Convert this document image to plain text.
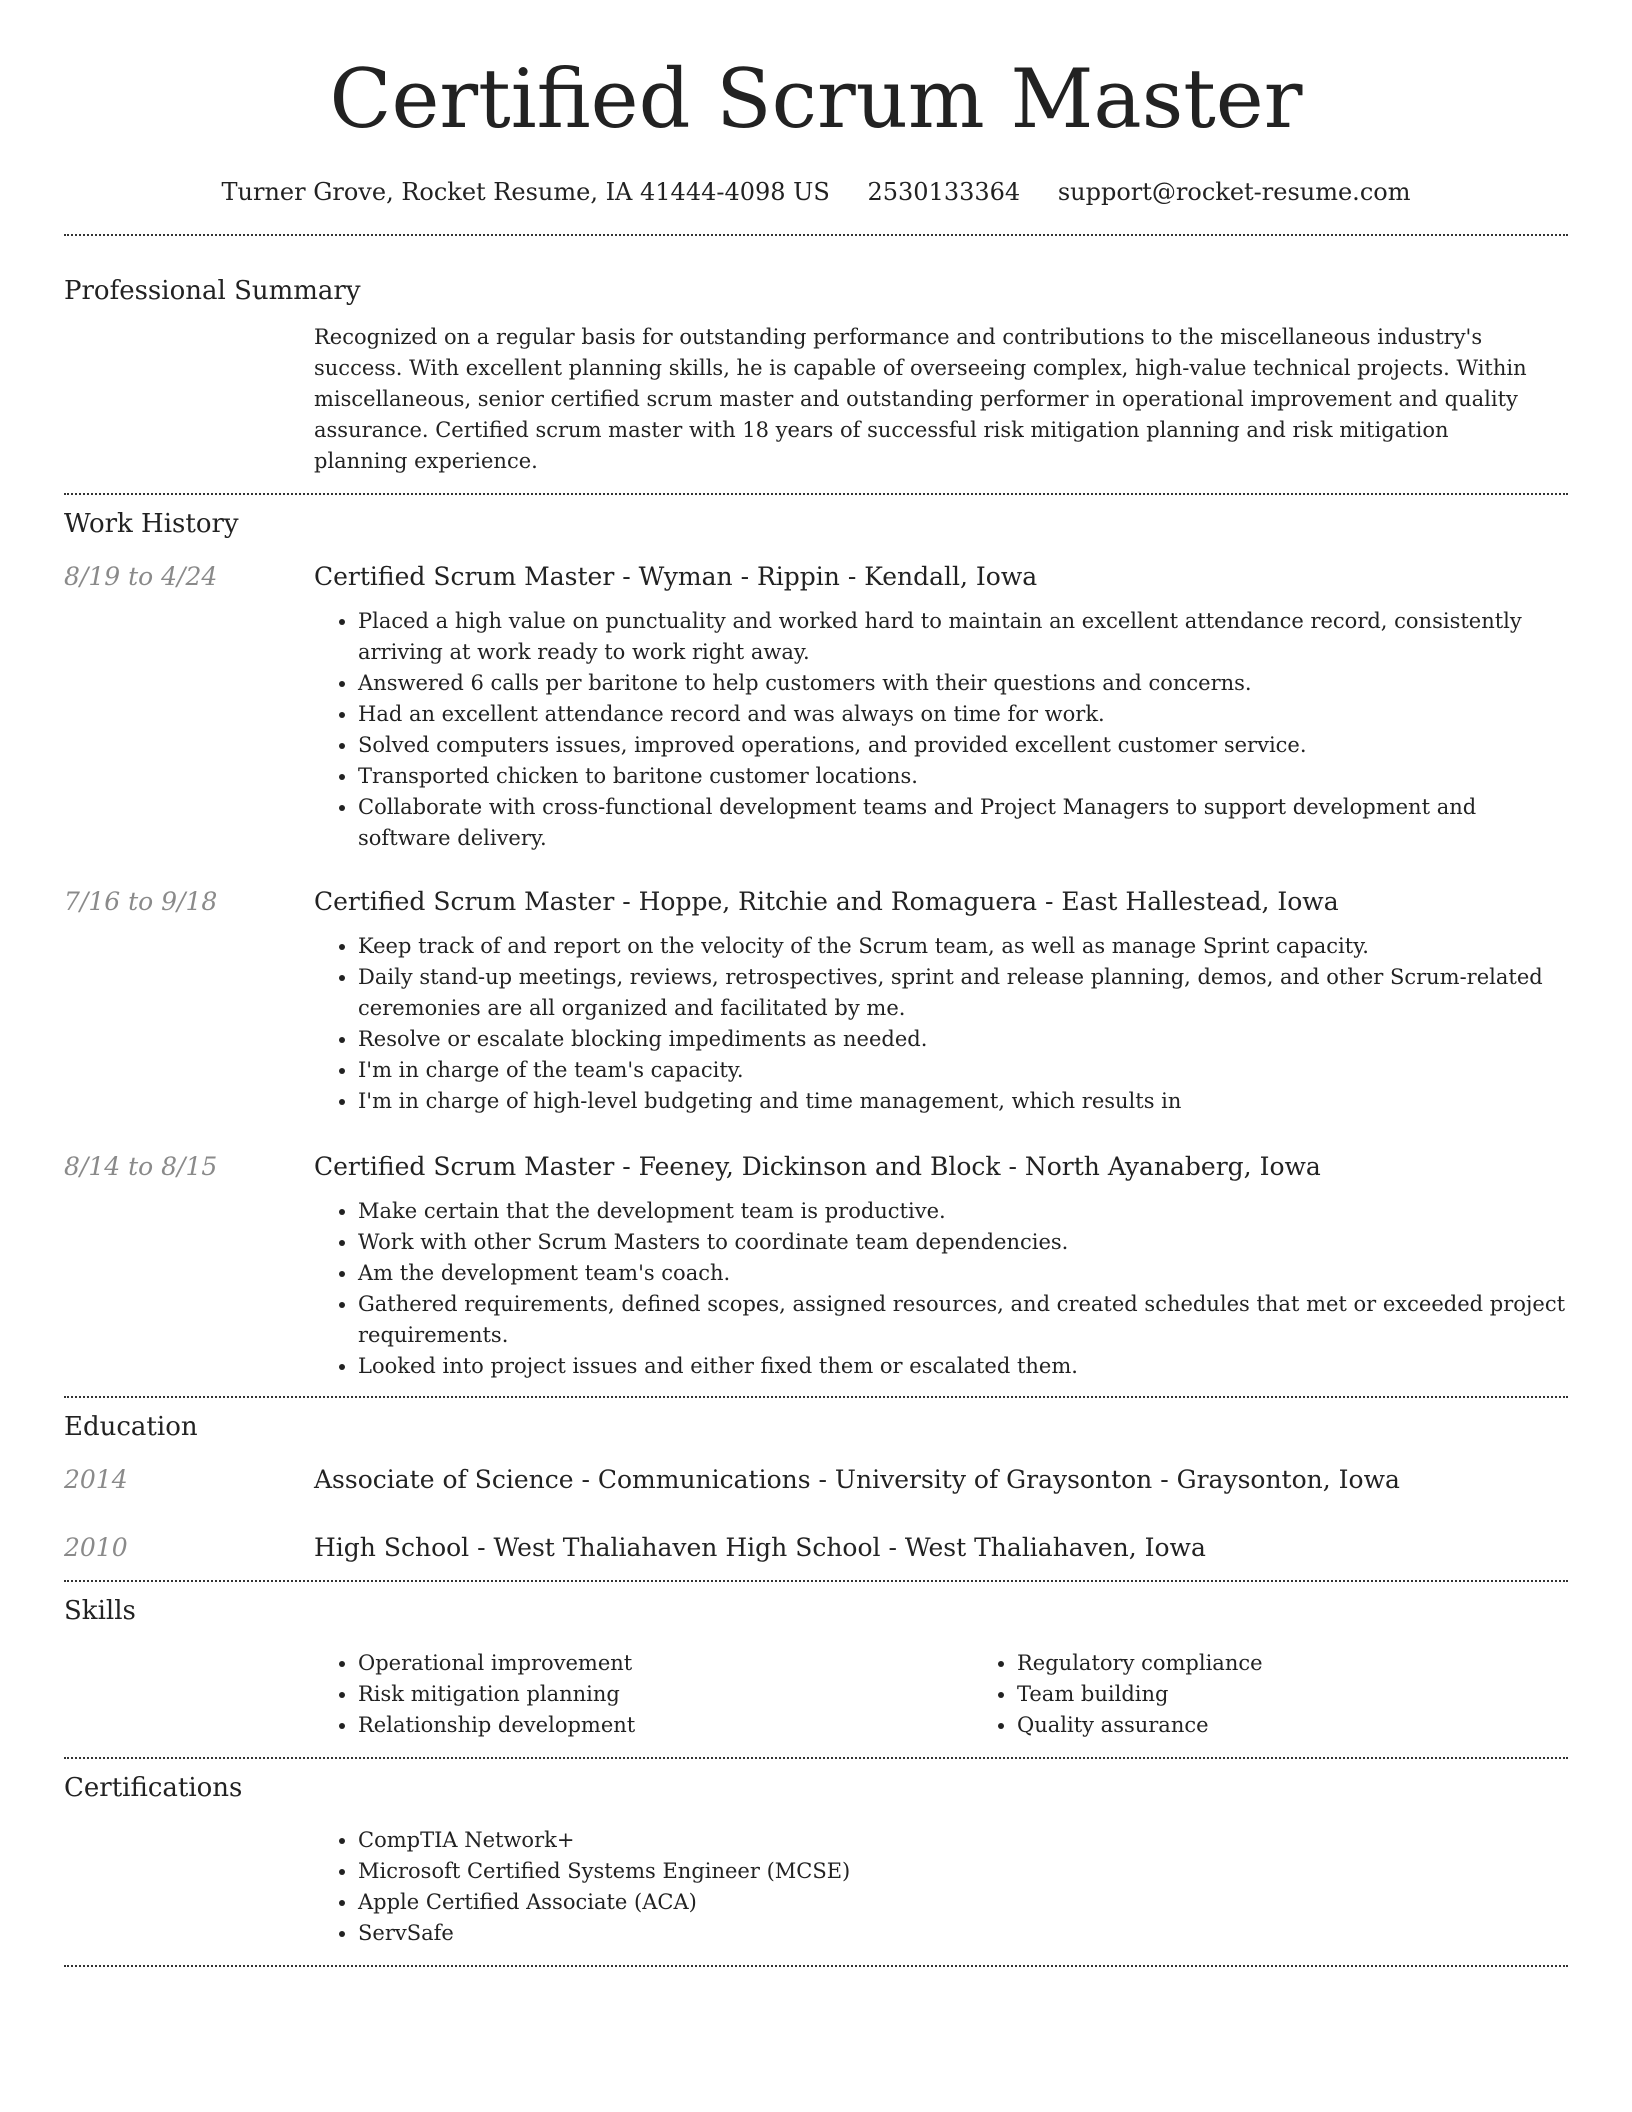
Certified Scrum Master
Turner Grove, Rocket Resume, IA 41444-4098 US 2530133364 support@rocket-resume.com
Professional Summary
Recognized on a regular basis for outstanding performance and contributions to the miscellaneous industry's success. With excellent planning skills, he is capable of overseeing complex, high-value technical projects. Within miscellaneous, senior certified scrum master and outstanding performer in operational improvement and quality assurance. Certified scrum master with 18 years of successful risk mitigation planning and risk mitigation planning experience.
Work History
8/19 to 4/24	Certified Scrum Master - Wyman - Rippin - Kendall, Iowa
• Placed a high value on punctuality and worked hard to maintain an excellent attendance record, consistently arriving at work ready to work right away.
• Answered 6 calls per baritone to help customers with their questions and concerns.
• Had an excellent attendance record and was always on time for work.
• Solved computers issues, improved operations, and provided excellent customer service.
• Transported chicken to baritone customer locations.
• Collaborate with cross-functional development teams and Project Managers to support development and software delivery.
7/16 to 9/18	Certified Scrum Master - Hoppe, Ritchie and Romaguera - East Hallestead, Iowa
• Keep track of and report on the velocity of the Scrum team, as well as manage Sprint capacity.
• Daily stand-up meetings, reviews, retrospectives, sprint and release planning, demos, and other Scrum-related ceremonies are all organized and facilitated by me.
• Resolve or escalate blocking impediments as needed.
• I'm in charge of the team's capacity.
• I'm in charge of high-level budgeting and time management, which results in
8/14 to 8/15	Certified Scrum Master - Feeney, Dickinson and Block - North Ayanaberg, Iowa
• Make certain that the development team is productive.
• Work with other Scrum Masters to coordinate team dependencies.
• Am the development team's coach.
• Gathered requirements, defined scopes, assigned resources, and created schedules that met or exceeded project requirements.
• Looked into project issues and either fixed them or escalated them.
Education
2014	Associate of Science - Communications - University of Graysonton - Graysonton, Iowa
2010	High School - West Thaliahaven High School - West Thaliahaven, Iowa
Skills
• Operational improvement
• Risk mitigation planning
• Relationship development
• Regulatory compliance
• Team building
• Quality assurance
Certifications
• CompTIA Network+
• Microsoft Certified Systems Engineer (MCSE)
• Apple Certified Associate (ACA)
• ServSafe
